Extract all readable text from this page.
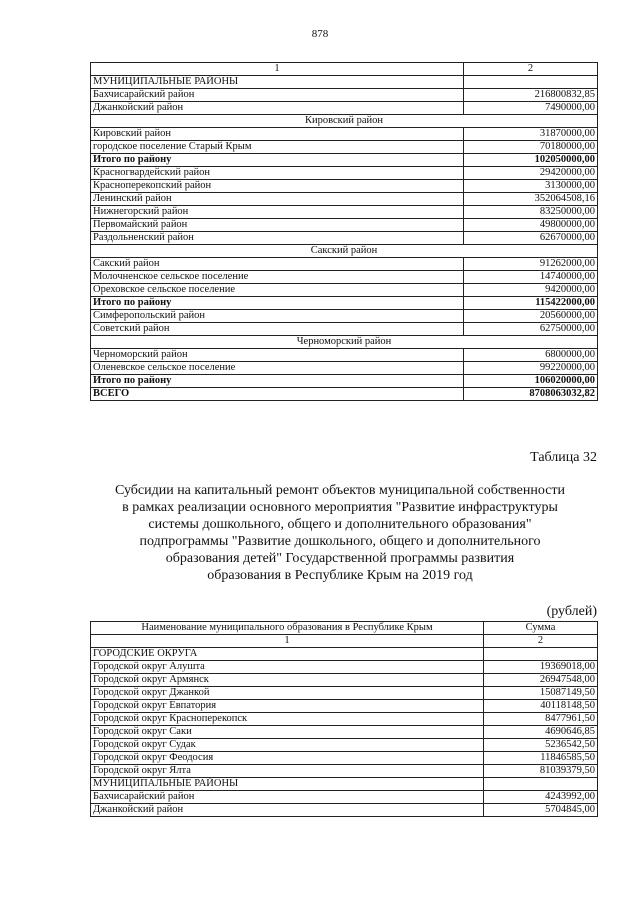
878
1	2
МУНИЦИПАЛЬНЫЕ РАЙОНЫ	
Бахчисарайский район	216800832,85
Джанкойский район	7490000,00
Кировский район	
Кировский район	31870000,00
городское поселение Старый Крым	70180000,00
Итого по району	102050000,00
Красногвардейский район	29420000,00
Красноперекопский район	3130000,00
Ленинский район	352064508,16
Нижнегорский район	83250000,00
Первомайский район	49800000,00
Раздольненский район	62670000,00
Сакский район	
Сакский район	91262000,00
Молочненское сельское поселение	14740000,00
Ореховское сельское поселение	9420000,00
Итого по району	115422000,00
Симферопольский район	20560000,00
Советский район	62750000,00
Черноморский район	
Черноморский район	6800000,00
Оленевское сельское поселение	99220000,00
Итого по району	106020000,00
ВСЕГО	8708063032,82
Таблица 32
Субсидии на капитальный ремонт объектов муниципальной собственности
в рамках реализации основного мероприятия "Развитие инфраструктуры
системы дошкольного, общего и дополнительного образования"
подпрограммы "Развитие дошкольного, общего и дополнительного
образования детей" Государственной программы развития
образования в Республике Крым на 2019 год
(рублей)
Наименование муниципального образования в Республике Крым	Сумма
1	2
ГОРОДСКИЕ ОКРУГА	
Городской округ Алушта	19369018,00
Городской округ Армянск	26947548,00
Городской округ Джанкой	15087149,50
Городской округ Евпатория	40118148,50
Городской округ Красноперекопск	8477961,50
Городской округ Саки	4690646,85
Городской округ Судак	5236542,50
Городской округ Феодосия	11846585,50
Городской округ Ялта	81039379,50
МУНИЦИПАЛЬНЫЕ РАЙОНЫ	
Бахчисарайский район	4243992,00
Джанкойский район	5704845,00
